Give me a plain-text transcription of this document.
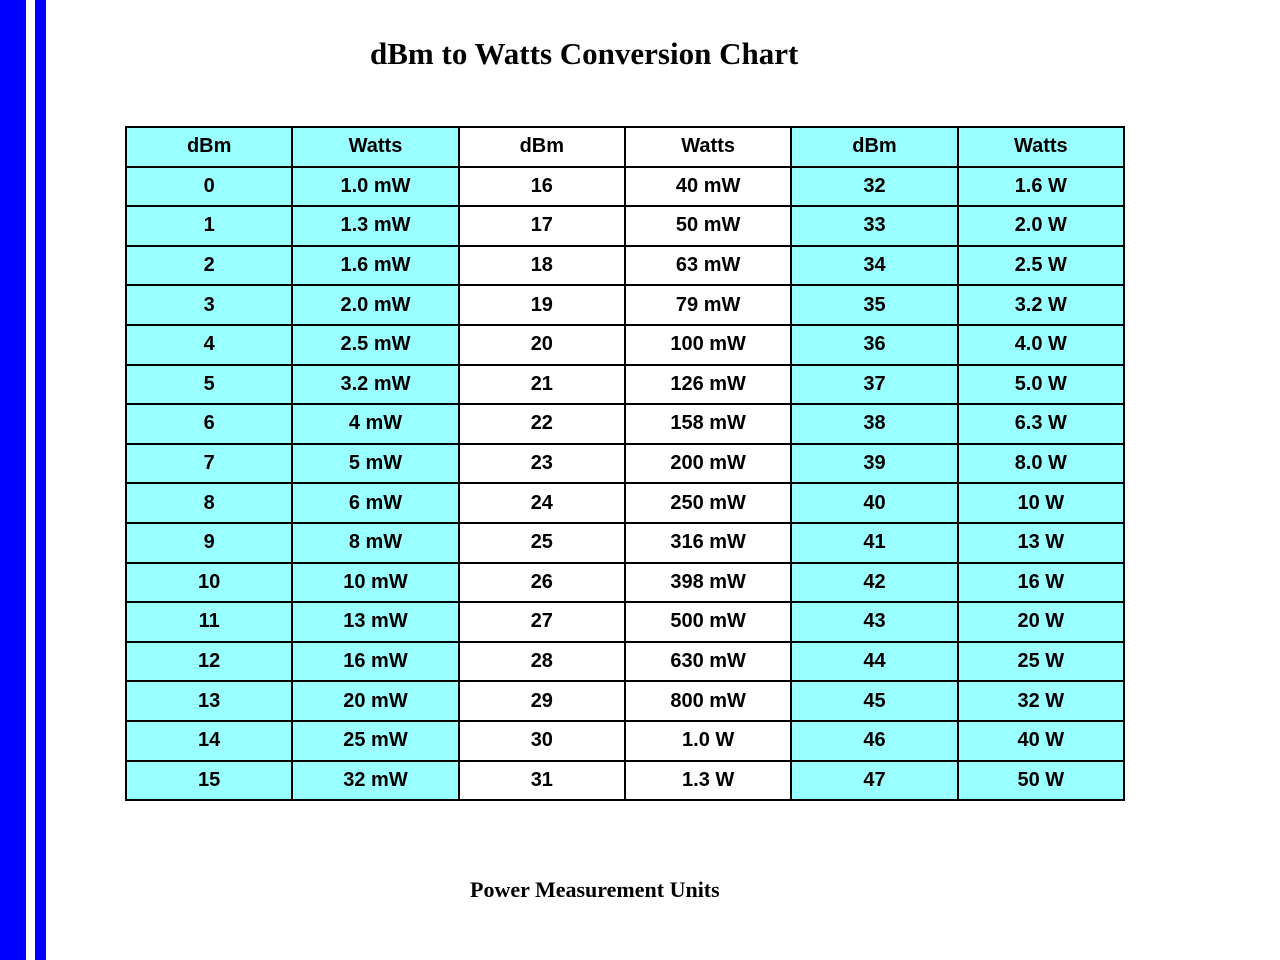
dBm to Watts Conversion Chart
dBm	Watts	dBm	Watts	dBm	Watts
0	1.0 mW	16	40 mW	32	1.6 W
1	1.3 mW	17	50 mW	33	2.0 W
2	1.6 mW	18	63 mW	34	2.5 W
3	2.0 mW	19	79 mW	35	3.2 W
4	2.5 mW	20	100 mW	36	4.0 W
5	3.2 mW	21	126 mW	37	5.0 W
6	4 mW	22	158 mW	38	6.3 W
7	5 mW	23	200 mW	39	8.0 W
8	6 mW	24	250 mW	40	10 W
9	8 mW	25	316 mW	41	13 W
10	10 mW	26	398 mW	42	16 W
11	13 mW	27	500 mW	43	20 W
12	16 mW	28	630 mW	44	25 W
13	20 mW	29	800 mW	45	32 W
14	25 mW	30	1.0 W	46	40 W
15	32 mW	31	1.3 W	47	50 W

Power Measurement Units
